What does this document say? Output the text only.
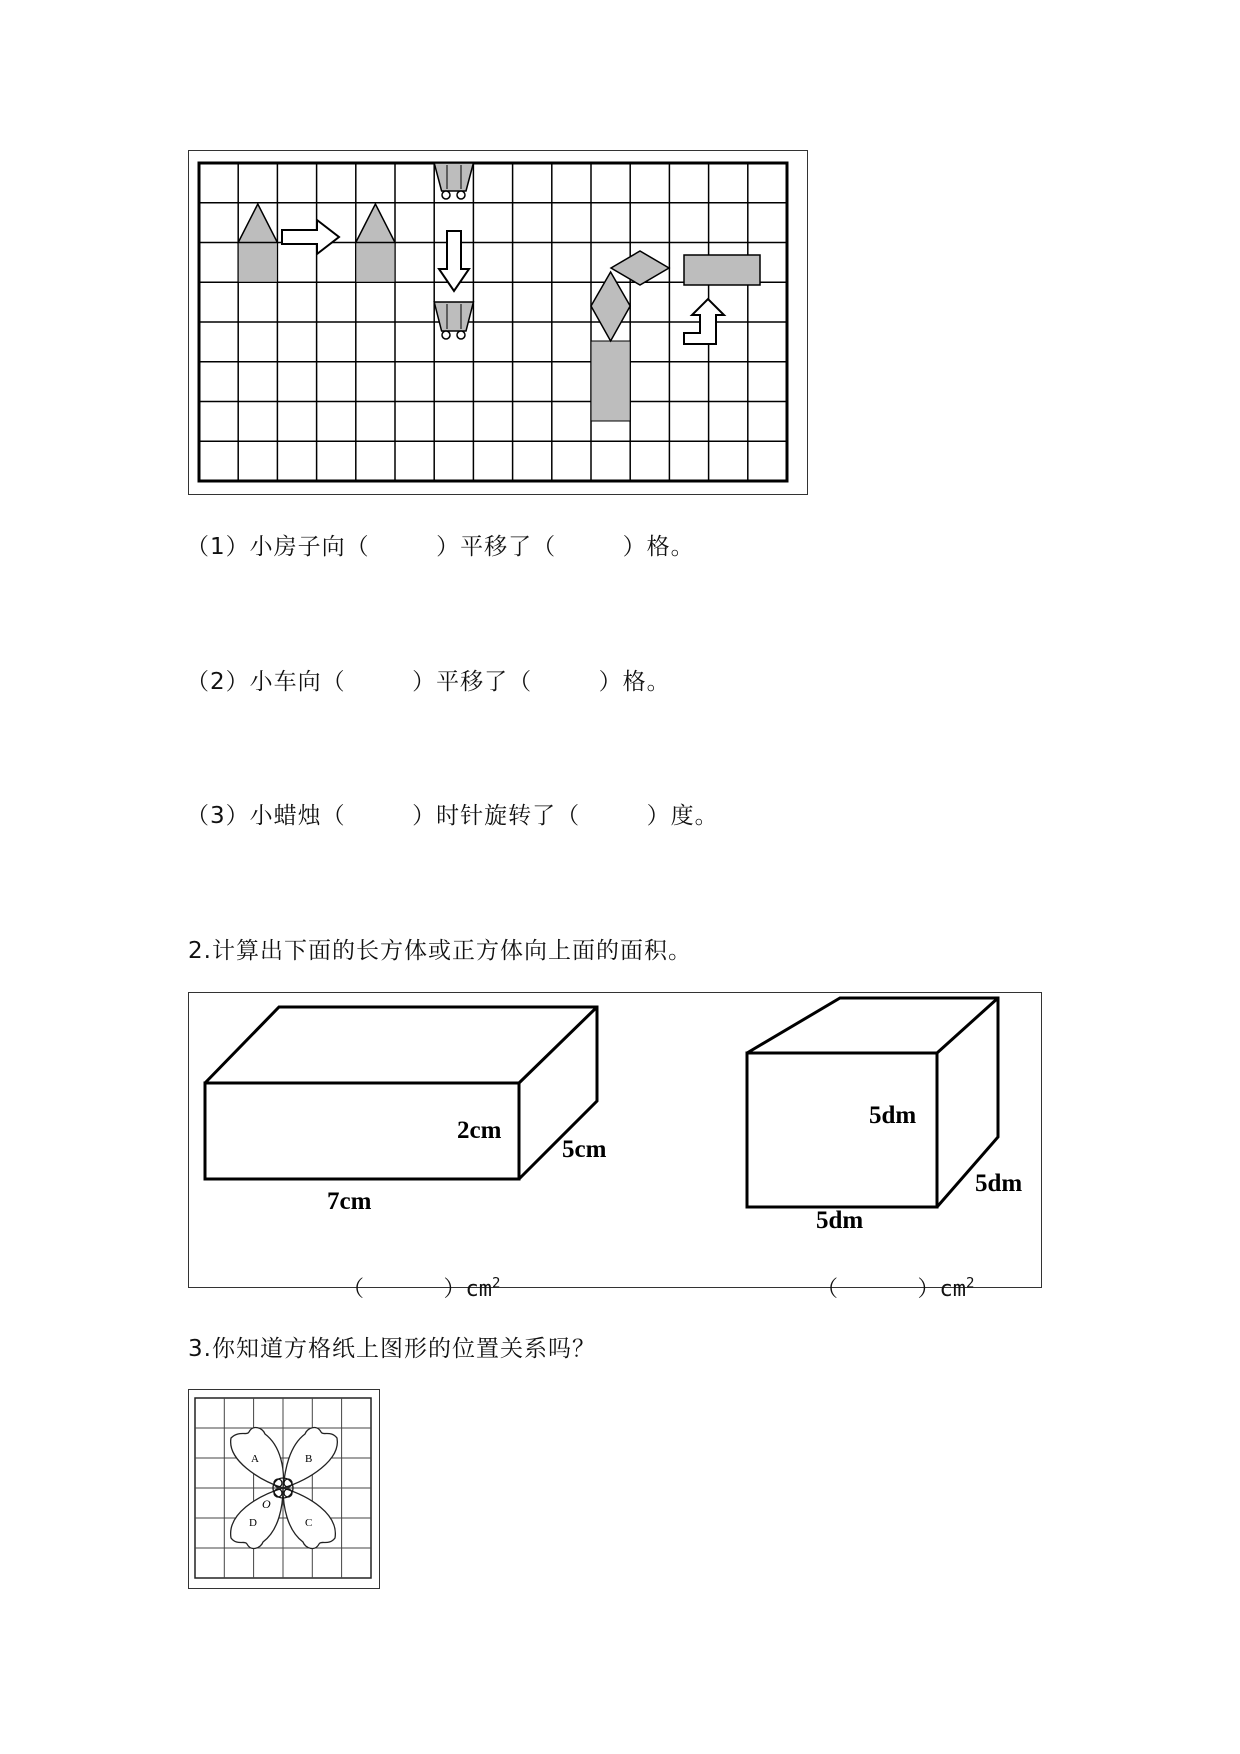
（1）小房子向（        ）平移了（        ）格。
（2）小车向（        ）平移了（        ）格。
（3）小蜡烛（        ）时针旋转了（        ）度。
2.计算出下面的长方体或正方体向上面的面积。
2cm
5cm
7cm
5dm
5dm
5dm

（      ）$cm^2$
	（      ）$cm^2$

3.你知道方格纸上图形的位置关系吗？
A	B
C
D
O
